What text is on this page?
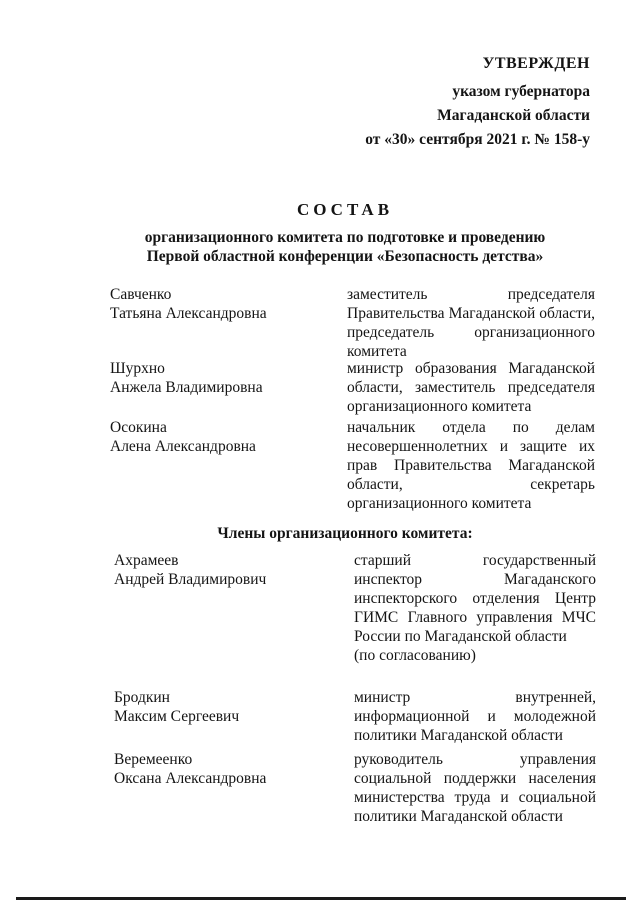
УТВЕРЖДЕН
указом губернатора
Магаданской области
от «30» сентября 2021 г. № 158-у
СОСТАВ
организационного комитета по подготовке и проведению
Первой областной конференции «Безопасность детства»
Савченко
Татьяна Александровна
заместитель председателя Правительства Магаданской области, председатель организационного комитета
Шурхно
Анжела Владимировна
министр образования Магаданской области, заместитель председателя организационного комитета
Осокина
Алена Александровна
начальник отдела по делам несовершеннолетних и защите их прав Правительства Магаданской области, секретарь организационного комитета
Члены организационного комитета:
Ахрамеев
Андрей Владимирович
старший государственный инспектор Магаданского инспекторского отделения Центр ГИМС Главного управления МЧС России по Магаданской области
(по согласованию)
Бродкин
Максим Сергеевич
министр внутренней, информационной и молодежной политики Магаданской области
Веремеенко
Оксана Александровна
руководитель управления социальной поддержки населения министерства труда и социальной политики Магаданской области
